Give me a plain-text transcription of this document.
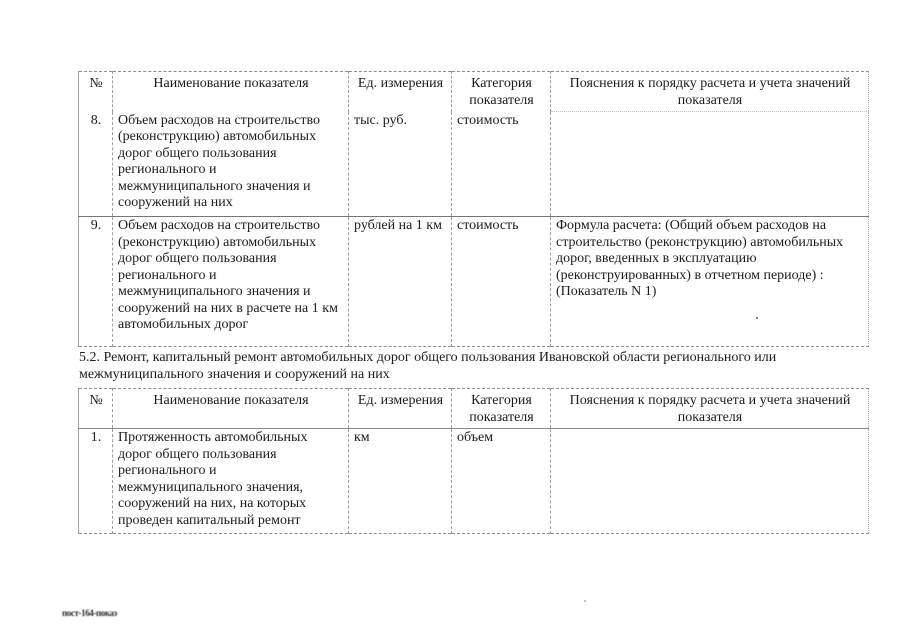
№	Наименование показателя	Ед. измерения	Категория показателя	Пояснения к порядку расчета и учета значений показателя
8.	Объем расходов на строительство (реконструкцию) автомобильных дорог общего пользования регионального и межмуниципального значения и сооружений на них	тыс. руб.	стоимость	
9.	Объем расходов на строительство (реконструкцию) автомобильных дорог общего пользования регионального и межмуниципального значения и сооружений на них в расчете на 1 км автомобильных дорог	рублей на 1 км	стоимость	Формула расчета: (Общий объем расходов на строительство (реконструкцию) автомобильных дорог, введенных в эксплуатацию (реконструированных) в отчетном периоде) : (Показатель N 1)
5.2. Ремонт, капитальный ремонт автомобильных дорог общего пользования Ивановской области регионального или межмуниципального значения и сооружений на них
№	Наименование показателя	Ед. измерения	Категория показателя	Пояснения к порядку расчета и учета значений показателя
1.	Протяженность автомобильных дорог общего пользования регионального и межмуниципального значения, сооружений на них, на которых проведен капитальный ремонт	км	объем	
пост-164-показ
